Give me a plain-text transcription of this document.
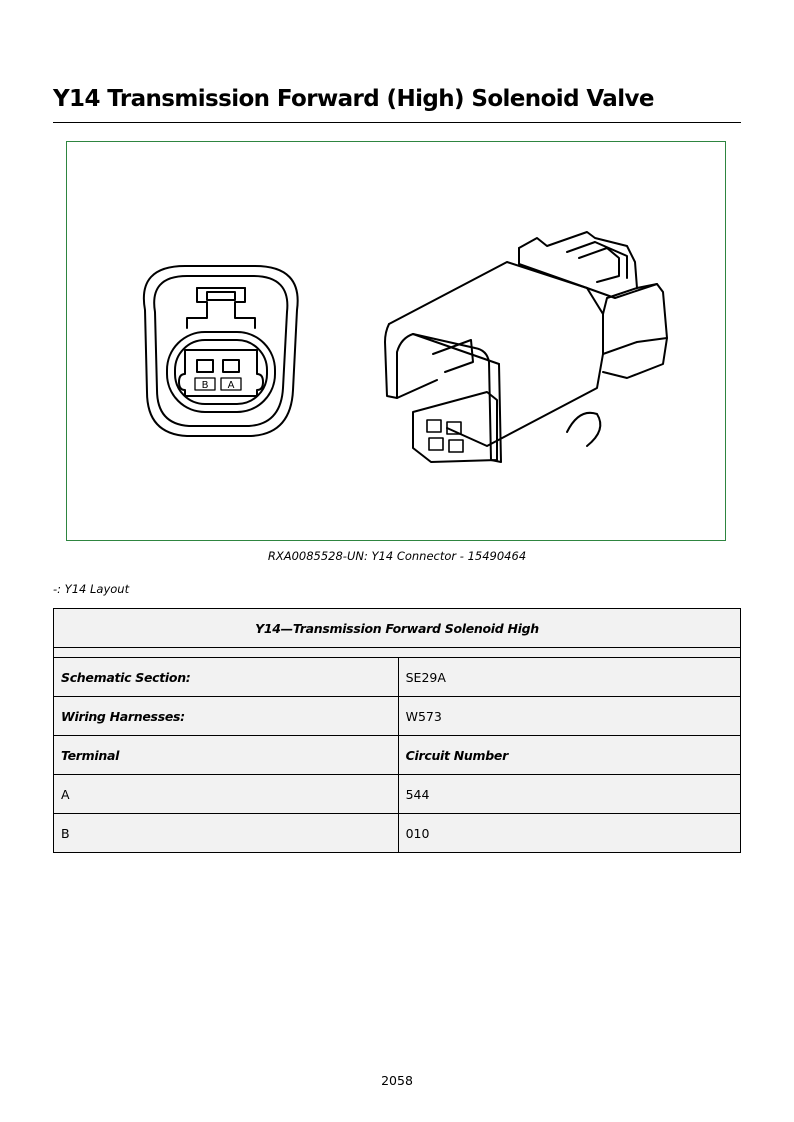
Y14 Transmission Forward (High) Solenoid Valve
B A
RXA0085528-UN: Y14 Connector - 15490464
-: Y14 Layout
Y14—Transmission Forward Solenoid High	

Schematic Section:	SE29A
Wiring Harnesses:	W573
Terminal	Circuit Number
A	544
B	010
2058
